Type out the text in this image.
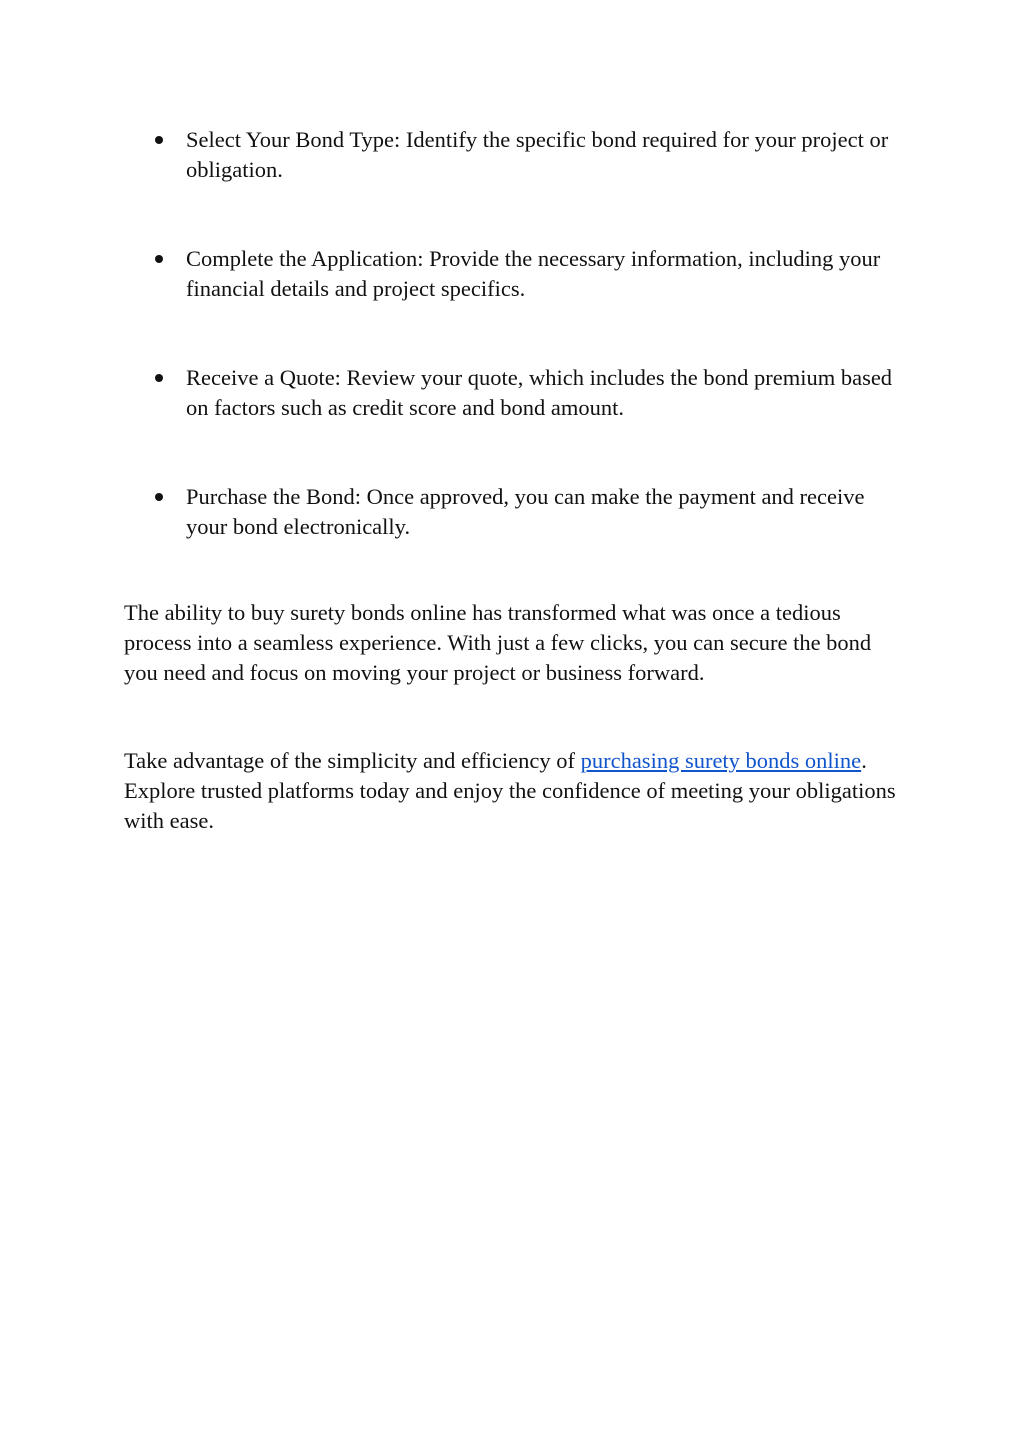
Select Your Bond Type: Identify the specific bond required for your project or obligation.
Complete the Application: Provide the necessary information, including your financial details and project specifics.
Receive a Quote: Review your quote, which includes the bond premium based on factors such as credit score and bond amount.
Purchase the Bond: Once approved, you can make the payment and receive your bond electronically.

The ability to buy surety bonds online has transformed what was once a tedious process into a seamless experience. With just a few clicks, you can secure the bond you need and focus on moving your project or business forward.

Take advantage of the simplicity and efficiency of purchasing surety bonds online. Explore trusted platforms today and enjoy the confidence of meeting your obligations with ease.
